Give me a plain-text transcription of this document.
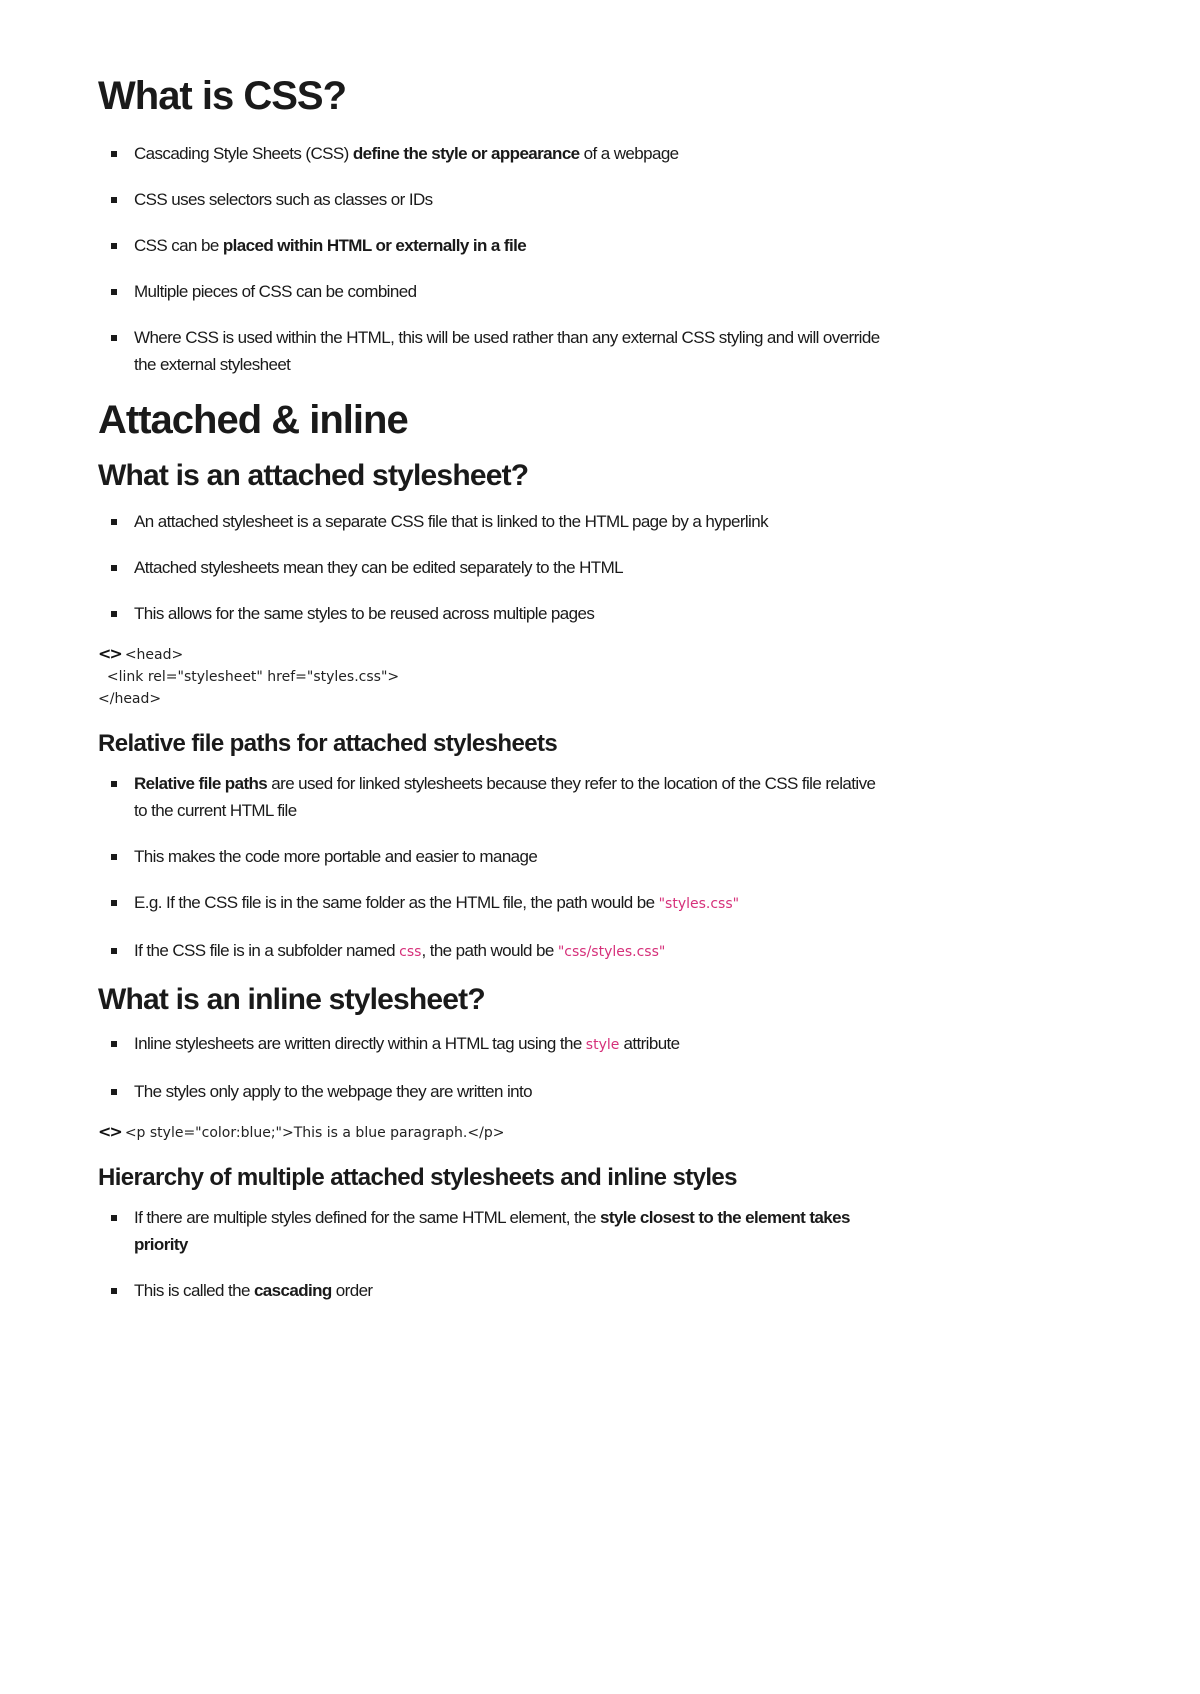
What is CSS?
Cascading Style Sheets (CSS) define the style or appearance of a webpage
CSS uses selectors such as classes or IDs
CSS can be placed within HTML or externally in a file
Multiple pieces of CSS can be combined
Where CSS is used within the HTML, this will be used rather than any external CSS styling and will override the external stylesheet
Attached & inline
What is an attached stylesheet?
An attached stylesheet is a separate CSS file that is linked to the HTML page by a hyperlink
Attached stylesheets mean they can be edited separately to the HTML
This allows for the same styles to be reused across multiple pages
<> <head>
<link rel="stylesheet" href="styles.css">
</head>
Relative file paths for attached stylesheets
Relative file paths are used for linked stylesheets because they refer to the location of the CSS file relative to the current HTML file
This makes the code more portable and easier to manage
E.g. If the CSS file is in the same folder as the HTML file, the path would be "styles.css"
If the CSS file is in a subfolder named css, the path would be "css/styles.css"
What is an inline stylesheet?
Inline stylesheets are written directly within a HTML tag using the style attribute
The styles only apply to the webpage they are written into
<> <p style="color:blue;">This is a blue paragraph.</p>
Hierarchy of multiple attached stylesheets and inline styles
If there are multiple styles defined for the same HTML element, the style closest to the element takes priority
This is called the cascading order
